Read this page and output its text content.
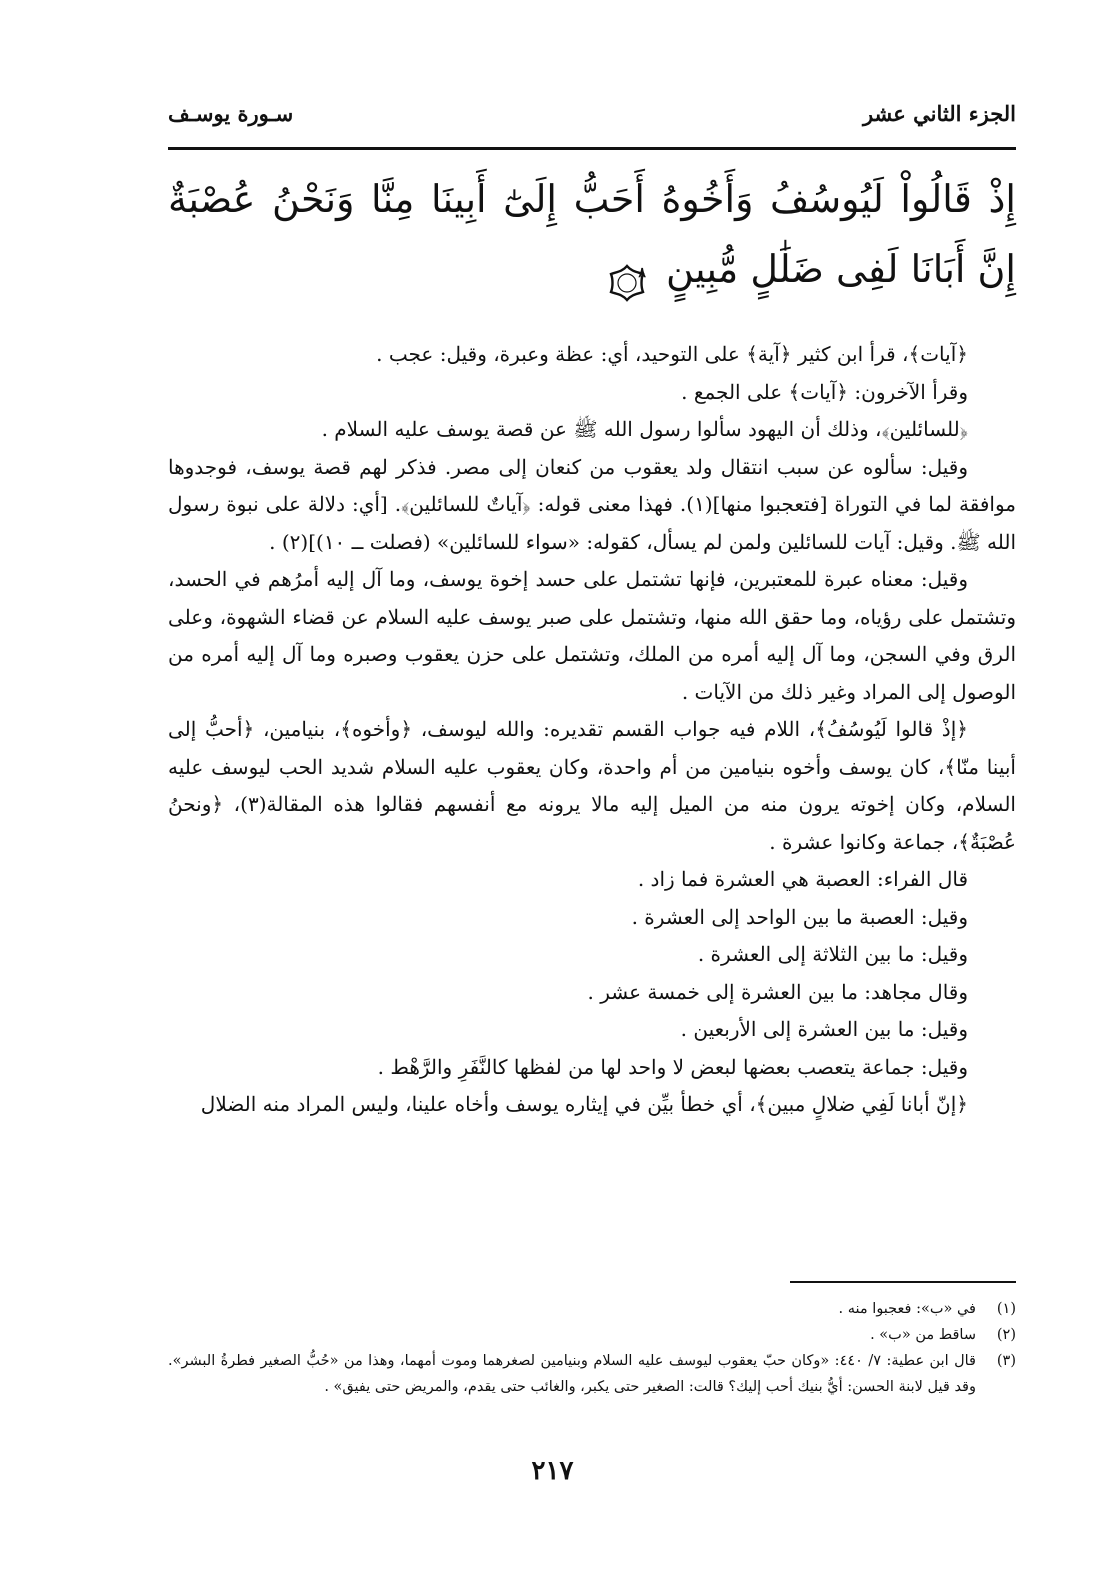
الجزء الثاني عشر
سـورة يوسـف
إِذْ قَالُواْ لَيُوسُفُ وَأَخُوهُ أَحَبُّ إِلَىٰٓ أَبِينَا مِنَّا وَنَحْنُ عُصْبَةٌ إِنَّ أَبَانَا لَفِى ضَلَٰلٍ مُّبِينٍ
٨

﴿آيات﴾، قرأ ابن كثير ﴿آية﴾ على التوحيد، أي: عظة وعبرة، وقيل: عجب .

وقرأ الآخرون: ﴿آيات﴾ على الجمع .

﴿للسائلين﴾، وذلك أن اليهود سألوا رسول الله ﷺ عن قصة يوسف عليه السلام .

وقيل: سألوه عن سبب انتقال ولد يعقوب من كنعان إلى مصر. فذكر لهم قصة يوسف، فوجدوها موافقة لما في التوراة [فتعجبوا منها](١). فهذا معنى قوله: ﴿آياتٌ للسائلين﴾. [أي: دلالة على نبوة رسول الله ﷺ. وقيل: آيات للسائلين ولمن لم يسأل، كقوله: «سواء للسائلين» (فصلت ــ ١٠)](٢) .

وقيل: معناه عبرة للمعتبرين، فإنها تشتمل على حسد إخوة يوسف، وما آل إليه أمرُهم في الحسد، وتشتمل على رؤياه، وما حقق الله منها، وتشتمل على صبر يوسف عليه السلام عن قضاء الشهوة، وعلى الرق وفي السجن، وما آل إليه أمره من الملك، وتشتمل على حزن يعقوب وصبره وما آل إليه أمره من الوصول إلى المراد وغير ذلك من الآيات .

﴿إذْ قالوا لَيُوسُفُ﴾، اللام فيه جواب القسم تقديره: والله ليوسف، ﴿وأخوه﴾، بنيامين، ﴿أحبُّ إلى أبينا منّا﴾، كان يوسف وأخوه بنيامين من أم واحدة، وكان يعقوب عليه السلام شديد الحب ليوسف عليه السلام، وكان إخوته يرون منه من الميل إليه مالا يرونه مع أنفسهم فقالوا هذه المقالة(٣)، ﴿ونحنُ عُصْبَةٌ﴾، جماعة وكانوا عشرة .

قال الفراء: العصبة هي العشرة فما زاد .

وقيل: العصبة ما بين الواحد إلى العشرة .

وقيل: ما بين الثلاثة إلى العشرة .

وقال مجاهد: ما بين العشرة إلى خمسة عشر .

وقيل: ما بين العشرة إلى الأربعين .

وقيل: جماعة يتعصب بعضها لبعض لا واحد لها من لفظها كالنَّفَرِ والرَّهْط .

﴿إنّ أبانا لَفِي ضلالٍ مبين﴾، أي خطأ بيِّن في إيثاره يوسف وأخاه علينا، وليس المراد منه الضلال

(١)
في «ب»: فعجبوا منه .
(٢)
ساقط من «ب» .
(٣)
قال ابن عطية: ٧/ ٤٤٠: «وكان حبّ يعقوب ليوسف عليه السلام وبنيامين لصغرهما وموت أمهما، وهذا من «حُبُّ الصغير فطرةُ البشر». وقد قيل لابنة الحسن: أيُّ بنيك أحب إليك؟ قالت: الصغير حتى يكبر، والغائب حتى يقدم، والمريض حتى يفيق» .
٢١٧
